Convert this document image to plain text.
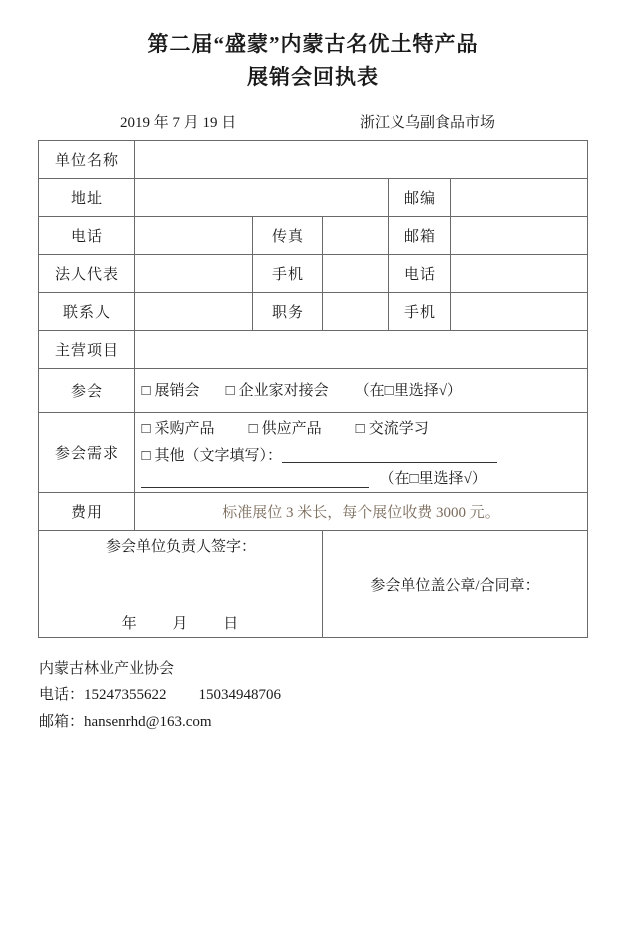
第二届“盛蒙”内蒙古名优土特产品
展销会回执表
2019 年 7 月 19 日	浙江义乌副食品市场
单位名称					
地址				邮编	
电话		传真		邮箱	
法人代表		手机		电话	
联系人		职务		手机	
主营项目					
参会	□ 展销会 □ 企业家对接会 （在□里选择√）				

参会需求	□ 采购产品 □ 供应产品 □ 交流学习
□ 其他（文字填写）：
（在□里选择√）				

费用	标准展位 3 米长，每个展位收费 3000 元。				

参会单位负责人签字：
年 月 日			参会单位盖公章/合同章：		
内蒙古林业产业协会
电话：15247355622 15034948706
邮箱：hansenrhd@163.com
